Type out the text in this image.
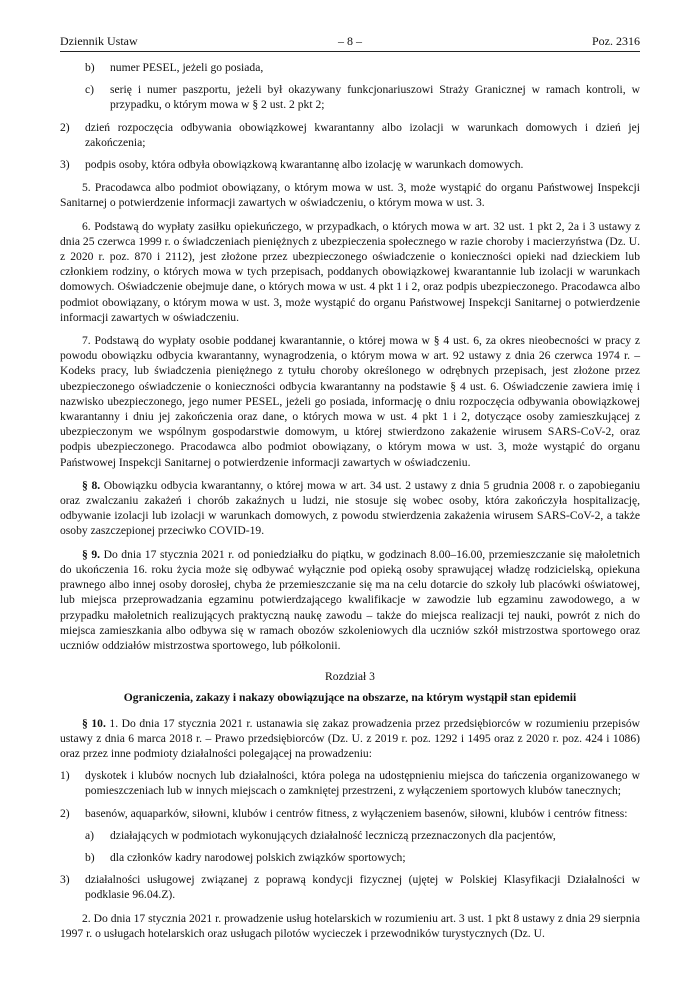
Dziennik Ustaw	– 8 –	Poz. 2316
b) numer PESEL, jeżeli go posiada,
c) serię i numer paszportu, jeżeli był okazywany funkcjonariuszowi Straży Granicznej w ramach kontroli, w przypadku, o którym mowa w § 2 ust. 2 pkt 2;
2) dzień rozpoczęcia odbywania obowiązkowej kwarantanny albo izolacji w warunkach domowych i dzień jej zakończenia;
3) podpis osoby, która odbyła obowiązkową kwarantannę albo izolację w warunkach domowych.
5. Pracodawca albo podmiot obowiązany, o którym mowa w ust. 3, może wystąpić do organu Państwowej Inspekcji Sanitarnej o potwierdzenie informacji zawartych w oświadczeniu, o którym mowa w ust. 3.
6. Podstawą do wypłaty zasiłku opiekuńczego, w przypadkach, o których mowa w art. 32 ust. 1 pkt 2, 2a i 3 ustawy z dnia 25 czerwca 1999 r. o świadczeniach pieniężnych z ubezpieczenia społecznego w razie choroby i macierzyństwa (Dz. U. z 2020 r. poz. 870 i 2112), jest złożone przez ubezpieczonego oświadczenie o konieczności opieki nad dzieckiem lub członkiem rodziny, o których mowa w tych przepisach, poddanych obowiązkowej kwarantannie lub izolacji w warunkach domowych. Oświadczenie obejmuje dane, o których mowa w ust. 4 pkt 1 i 2, oraz podpis ubezpieczonego. Pracodawca albo podmiot obowiązany, o którym mowa w ust. 3, może wystąpić do organu Państwowej Inspekcji Sanitarnej o potwierdzenie informacji zawartych w oświadczeniu.
7. Podstawą do wypłaty osobie poddanej kwarantannie, o której mowa w § 4 ust. 6, za okres nieobecności w pracy z powodu obowiązku odbycia kwarantanny, wynagrodzenia, o którym mowa w art. 92 ustawy z dnia 26 czerwca 1974 r. – Kodeks pracy, lub świadczenia pieniężnego z tytułu choroby określonego w odrębnych przepisach, jest złożone przez ubezpieczonego oświadczenie o konieczności odbycia kwarantanny na podstawie § 4 ust. 6. Oświadczenie zawiera imię i nazwisko ubezpieczonego, jego numer PESEL, jeżeli go posiada, informację o dniu rozpoczęcia odbywania obowiązkowej kwarantanny i dniu jej zakończenia oraz dane, o których mowa w ust. 4 pkt 1 i 2, dotyczące osoby zamieszkującej z ubezpieczonym we wspólnym gospodarstwie domowym, u której stwierdzono zakażenie wirusem SARS-CoV-2, oraz podpis ubezpieczonego. Pracodawca albo podmiot obowiązany, o którym mowa w ust. 3, może wystąpić do organu Państwowej Inspekcji Sanitarnej o potwierdzenie informacji zawartych w oświadczeniu.
§ 8. Obowiązku odbycia kwarantanny, o której mowa w art. 34 ust. 2 ustawy z dnia 5 grudnia 2008 r. o zapobieganiu oraz zwalczaniu zakażeń i chorób zakaźnych u ludzi, nie stosuje się wobec osoby, która zakończyła hospitalizację, odbywanie izolacji lub izolacji w warunkach domowych, z powodu stwierdzenia zakażenia wirusem SARS-CoV-2, a także osoby zaszczepionej przeciwko COVID-19.
§ 9. Do dnia 17 stycznia 2021 r. od poniedziałku do piątku, w godzinach 8.00–16.00, przemieszczanie się małoletnich do ukończenia 16. roku życia może się odbywać wyłącznie pod opieką osoby sprawującej władzę rodzicielską, opiekuna prawnego albo innej osoby dorosłej, chyba że przemieszczanie się ma na celu dotarcie do szkoły lub placówki oświatowej, lub miejsca przeprowadzania egzaminu potwierdzającego kwalifikacje w zawodzie lub egzaminu zawodowego, a w przypadku małoletnich realizujących praktyczną naukę zawodu – także do miejsca realizacji tej nauki, powrót z nich do miejsca zamieszkania albo odbywa się w ramach obozów szkoleniowych dla uczniów szkół mistrzostwa sportowego oraz uczniów oddziałów mistrzostwa sportowego, lub półkolonii.
Rozdział 3
Ograniczenia, zakazy i nakazy obowiązujące na obszarze, na którym wystąpił stan epidemii
§ 10. 1. Do dnia 17 stycznia 2021 r. ustanawia się zakaz prowadzenia przez przedsiębiorców w rozumieniu przepisów ustawy z dnia 6 marca 2018 r. – Prawo przedsiębiorców (Dz. U. z 2019 r. poz. 1292 i 1495 oraz z 2020 r. poz. 424 i 1086) oraz przez inne podmioty działalności polegającej na prowadzeniu:
1) dyskotek i klubów nocnych lub działalności, która polega na udostępnieniu miejsca do tańczenia organizowanego w pomieszczeniach lub w innych miejscach o zamkniętej przestrzeni, z wyłączeniem sportowych klubów tanecznych;
2) basenów, aquaparków, siłowni, klubów i centrów fitness, z wyłączeniem basenów, siłowni, klubów i centrów fitness:
a) działających w podmiotach wykonujących działalność leczniczą przeznaczonych dla pacjentów,
b) dla członków kadry narodowej polskich związków sportowych;
3) działalności usługowej związanej z poprawą kondycji fizycznej (ujętej w Polskiej Klasyfikacji Działalności w podklasie 96.04.Z).
2. Do dnia 17 stycznia 2021 r. prowadzenie usług hotelarskich w rozumieniu art. 3 ust. 1 pkt 8 ustawy z dnia 29 sierpnia 1997 r. o usługach hotelarskich oraz usługach pilotów wycieczek i przewodników turystycznych (Dz. U.
